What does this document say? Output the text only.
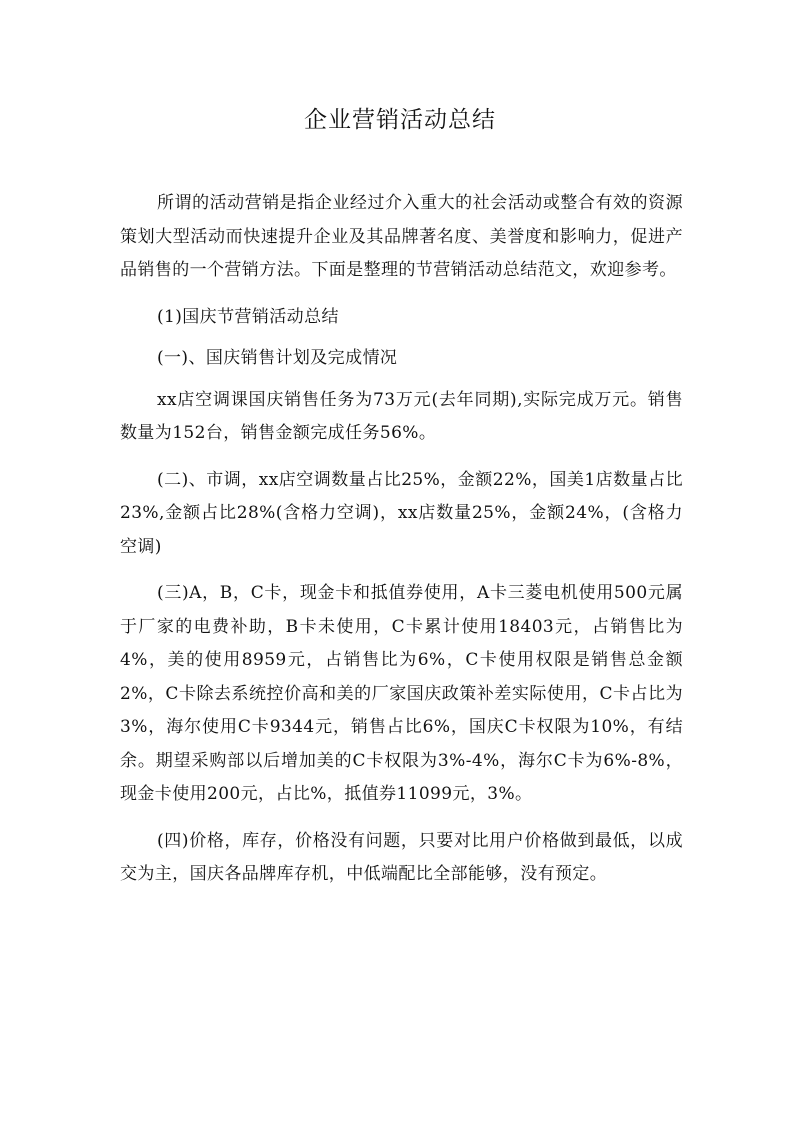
企业营销活动总结

所谓的活动营销是指企业经过介入重大的社会活动或整合有效的资源策划大型活动而快速提升企业及其品牌著名度、美誉度和影响力，促进产品销售的一个营销方法。下面是整理的节营销活动总结范文，欢迎参考。

(1)国庆节营销活动总结

(一)、国庆销售计划及完成情况

xx店空调课国庆销售任务为73万元(去年同期),实际完成万元。销售数量为152台，销售金额完成任务56%。

(二)、市调，xx店空调数量占比25%，金额22%，国美1店数量占比23%,金额占比28%(含格力空调)，xx店数量25%，金额24%，(含格力空调)

(三)A，B，C卡，现金卡和抵值券使用，A卡三菱电机使用500元属于厂家的电费补助，B卡未使用，C卡累计使用18403元，占销售比为4%，美的使用8959元，占销售比为6%，C卡使用权限是销售总金额2%，C卡除去系统控价高和美的厂家国庆政策补差实际使用，C卡占比为3%，海尔使用C卡9344元，销售占比6%，国庆C卡权限为10%，有结余。期望采购部以后增加美的C卡权限为3%-4%，海尔C卡为6%-8%，现金卡使用200元，占比%，抵值券11099元，3%。

(四)价格，库存，价格没有问题，只要对比用户价格做到最低，以成交为主，国庆各品牌库存机，中低端配比全部能够，没有预定。
